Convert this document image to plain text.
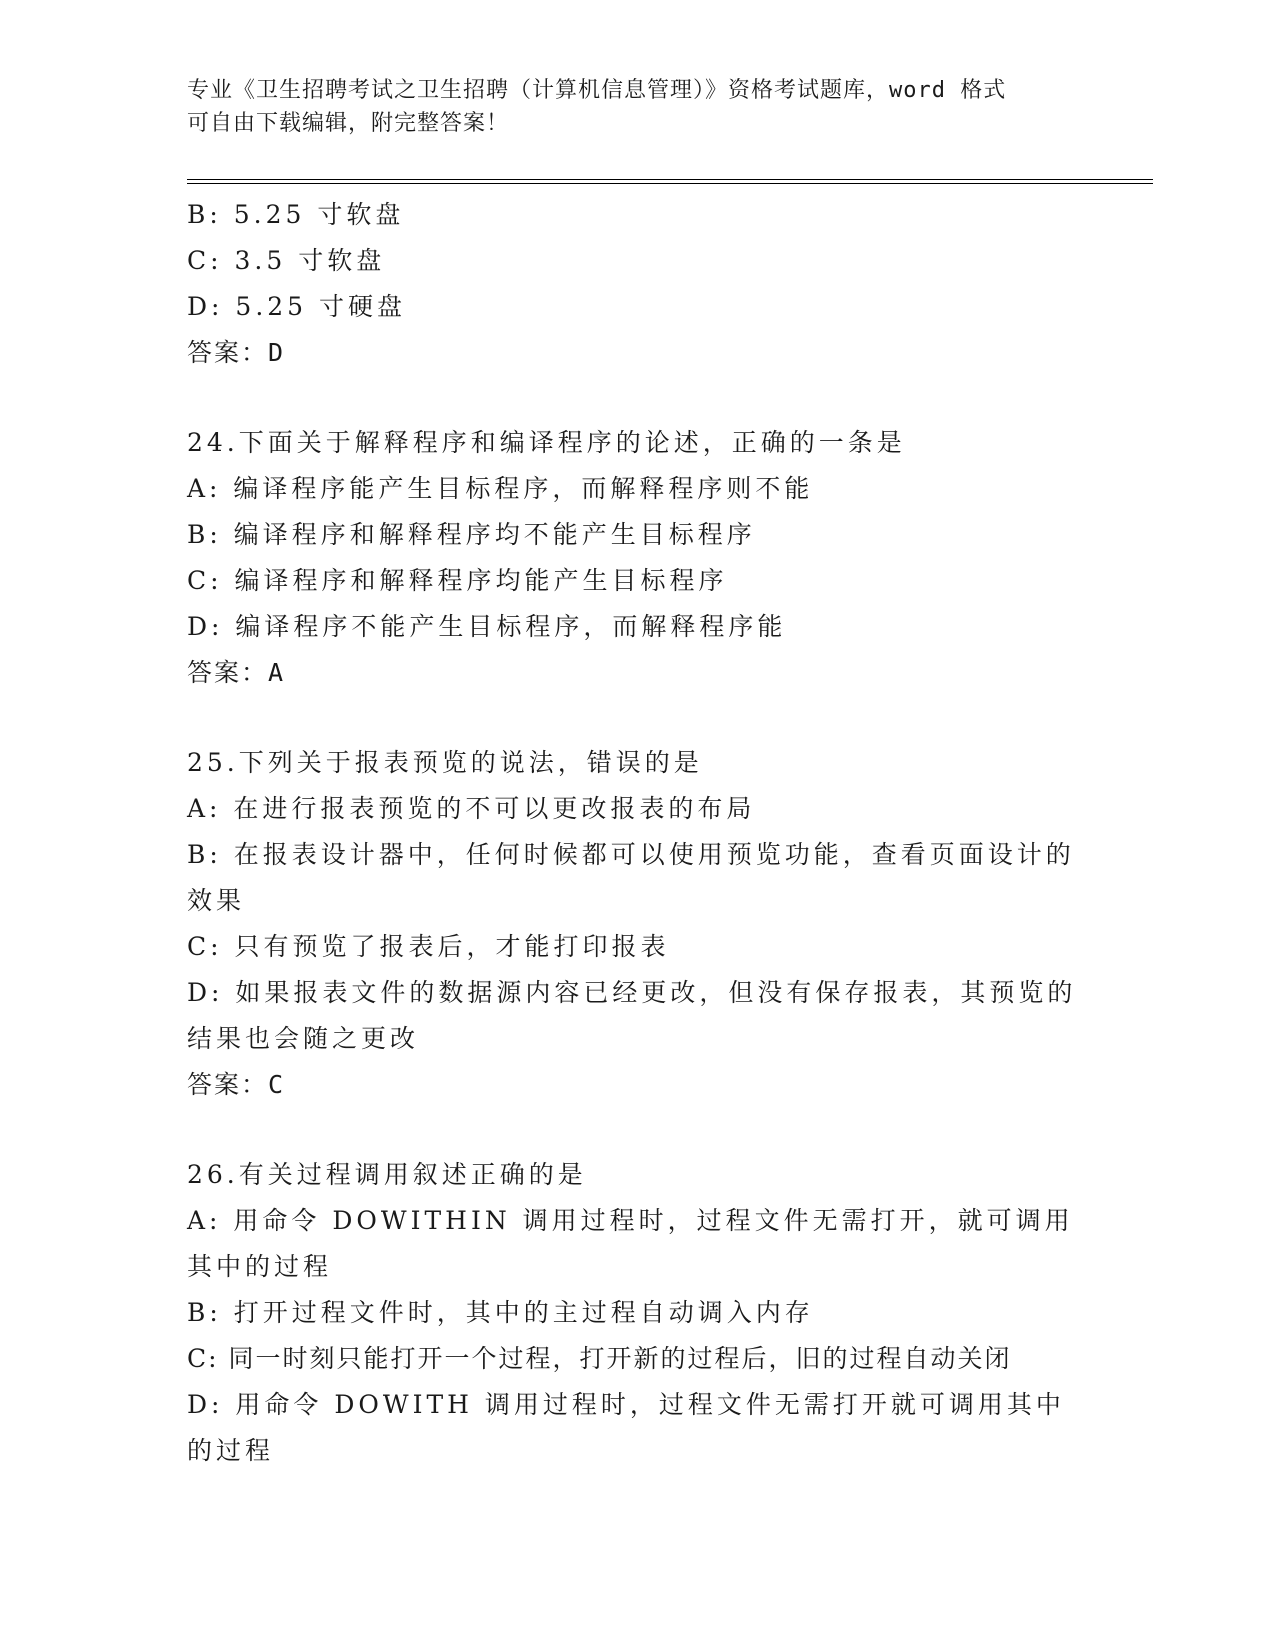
专业《卫生招聘考试之卫生招聘（计算机信息管理）》资格考试题库，word 格式
可自由下载编辑，附完整答案！
B: 5.25 寸软盘
C: 3.5 寸软盘
D: 5.25 寸硬盘
答案：D
24.下面关于解释程序和编译程序的论述，正确的一条是
A: 编译程序能产生目标程序，而解释程序则不能
B: 编译程序和解释程序均不能产生目标程序
C: 编译程序和解释程序均能产生目标程序
D: 编译程序不能产生目标程序，而解释程序能
答案：A
25.下列关于报表预览的说法，错误的是
A: 在进行报表预览的不可以更改报表的布局
B: 在报表设计器中，任何时候都可以使用预览功能，查看页面设计的效果
C: 只有预览了报表后，才能打印报表
D: 如果报表文件的数据源内容已经更改，但没有保存报表，其预览的结果也会随之更改
答案：C
26.有关过程调用叙述正确的是
A: 用命令 DOWITHIN 调用过程时，过程文件无需打开，就可调用其中的过程
B: 打开过程文件时，其中的主过程自动调入内存
C: 同一时刻只能打开一个过程，打开新的过程后，旧的过程自动关闭
D: 用命令 DOWITH 调用过程时，过程文件无需打开就可调用其中的过程
